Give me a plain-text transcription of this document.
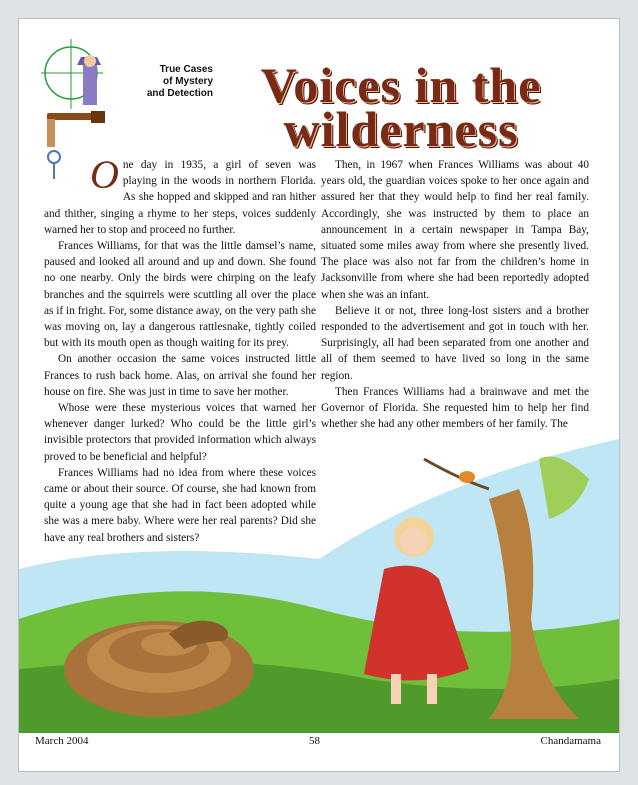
True Cases
of Mystery
and Detection Voices in the wilderness

One day in 1935, a girl of seven was playing in the woods in northern Florida. As she hopped and skipped and ran hither and thither, singing a rhyme to her steps, voices suddenly warned her to stop and proceed no further.

Frances Williams, for that was the little damsel’s name, paused and looked all around and up and down. She found no one nearby. Only the birds were chirping on the leafy branches and the squirrels were scuttling all over the place as if in fright. For, some distance away, on the very path she was moving on, lay a dangerous rattlesnake, tightly coiled but with its mouth open as though waiting for its prey.

On another occasion the same voices instructed little Frances to rush back home. Alas, on arrival she found her house on fire. She was just in time to save her mother.

Whose were these mysterious voices that warned her whenever danger lurked? Who could be the little girl’s invisible protectors that provided information which always proved to be beneficial and helpful?

Frances Williams had no idea from where these voices came or about their source. Of course, she had known from quite a young age that she had in fact been adopted while she was a mere baby. Where were her real parents? Did she have any real brothers and sisters?

Then, in 1967 when Frances Williams was about 40 years old, the guardian voices spoke to her once again and assured her that they would help to find her real family. Accordingly, she was instructed by them to place an announcement in a certain newspaper in Tampa Bay, situated some miles away from where she presently lived. The place was also not far from the children’s home in Jacksonville from where she had been reportedly adopted when she was an infant.

Believe it or not, three long-lost sisters and a brother responded to the advertisement and got in touch with her. Surprisingly, all had been separated from one another and all of them seemed to have lived so long in the same region.

Then Frances Williams had a brainwave and met the Governor of Florida. She requested him to help her find whether she had any other members of her family. The

March 2004	58	Chandamama
